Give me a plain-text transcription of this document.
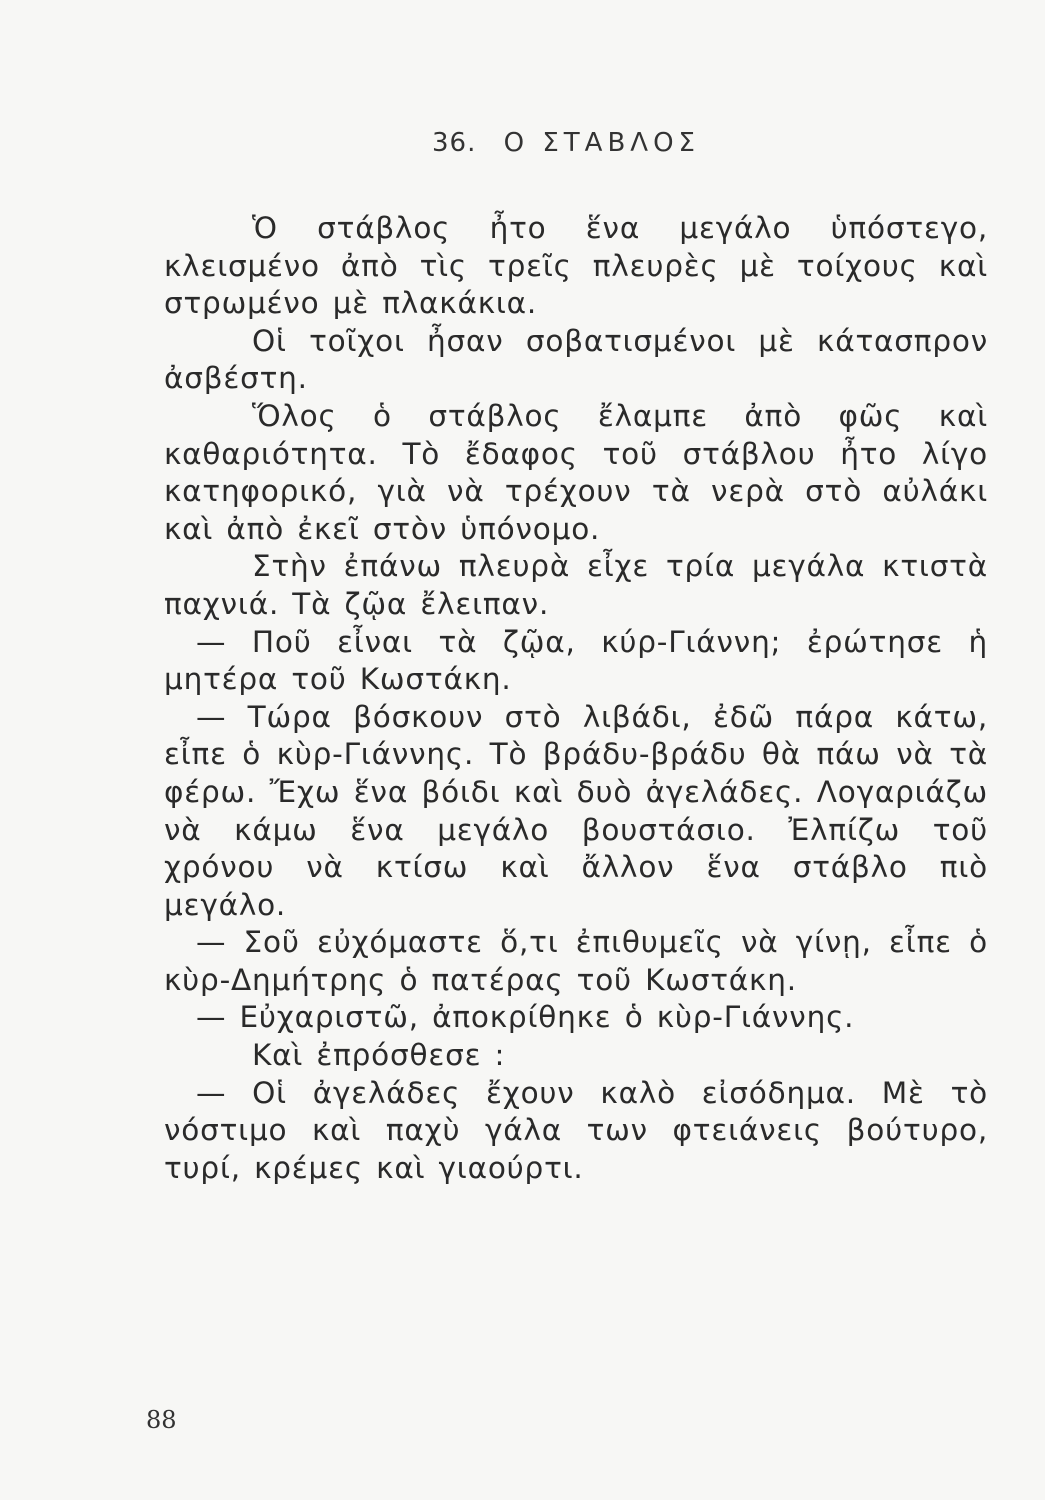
36. Ο ΣΤΑΒΛΟΣ

Ὁ στάβλος ἦτο ἕνα μεγάλο ὑπόστεγο, κλεισμένο ἀπὸ τὶς τρεῖς πλευρὲς μὲ τοίχους καὶ στρωμένο μὲ πλακάκια.

Οἱ τοῖχοι ἦσαν σοβατισμένοι μὲ κάτασπρον ἀσβέστη.

Ὅλος ὁ στάβλος ἔλαμπε ἀπὸ φῶς καὶ καθαριότητα. Τὸ ἔδαφος τοῦ στάβλου ἦτο λίγο κατηφορικό, γιὰ νὰ τρέχουν τὰ νερὰ στὸ αὐλάκι καὶ ἀπὸ ἐκεῖ στὸν ὑπόνομο.

Στὴν ἐπάνω πλευρὰ εἶχε τρία μεγάλα κτιστὰ παχνιά. Τὰ ζῷα ἔλειπαν.

— Ποῦ εἶναι τὰ ζῷα, κύρ-Γιάννη; ἐρώτησε ἡ μητέρα τοῦ Κωστάκη.

— Τώρα βόσκουν στὸ λιβάδι, ἐδῶ πάρα κάτω, εἶπε ὁ κὺρ-Γιάννης. Τὸ βράδυ-βράδυ θὰ πάω νὰ τὰ φέρω. Ἔχω ἕνα βόιδι καὶ δυὸ ἀγελάδες. Λογαριάζω νὰ κάμω ἕνα μεγάλο βουστάσιο. Ἐλπίζω τοῦ χρόνου νὰ κτίσω καὶ ἄλλον ἕνα στάβλο πιὸ μεγάλο.

— Σοῦ εὐχόμαστε ὅ,τι ἐπιθυμεῖς νὰ γίνῃ, εἶπε ὁ κὺρ-Δημήτρης ὁ πατέρας τοῦ Κωστάκη.

— Εὐχαριστῶ, ἀποκρίθηκε ὁ κὺρ-Γιάννης.

Καὶ ἐπρόσθεσε :

— Οἱ ἀγελάδες ἔχουν καλὸ εἰσόδημα. Μὲ τὸ νόστιμο καὶ παχὺ γάλα των φτειάνεις βούτυρο, τυρί, κρέμες καὶ γιαούρτι.

88
